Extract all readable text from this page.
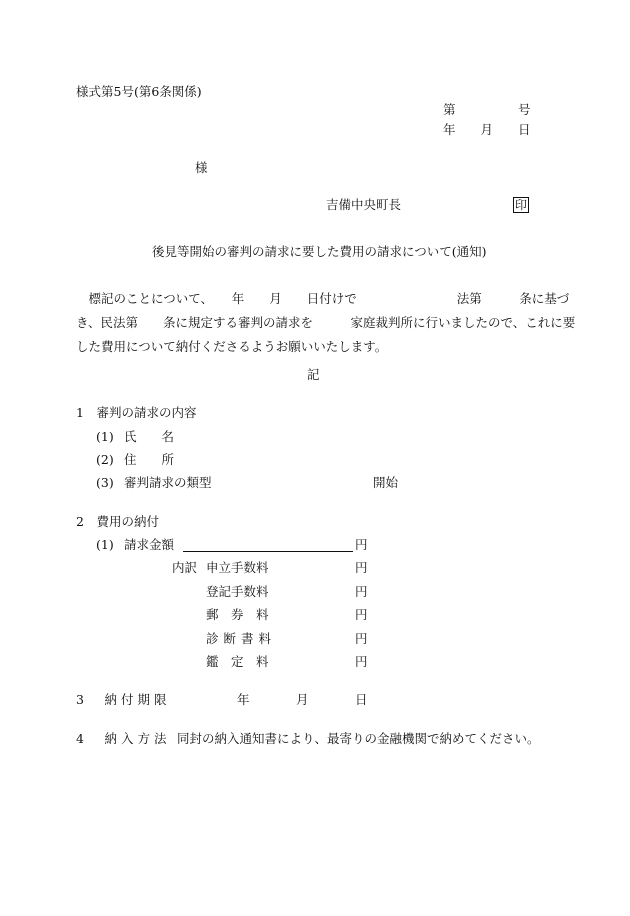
様式第5号(第6条関係)

第　　　　　号

年　　月　　日

様

吉備中央町長	印

後見等開始の審判の請求に要した費用の請求について(通知)

　標記のことについて、　　年　　月　　日付けで　　　　　　　　法第　　　条に基づ
き、民法第　　条に規定する審判の請求を　　　家庭裁判所に行いましたので、これに要
した費用について納付くださるようお願いいたします。

記

1　審判の請求の内容

(1) 氏　　名

(2) 住　　所

(3) 審判請求の類型	開始

2　費用の納付

(1) 請求金額	円

内訳 申立手数料	円

登記手数料	円

郵　券　料	円

診断書料	円

鑑　定　料	円

3　納付期限	年	月	日

4　納入方法 同封の納入通知書により、最寄りの金融機関で納めてください。
